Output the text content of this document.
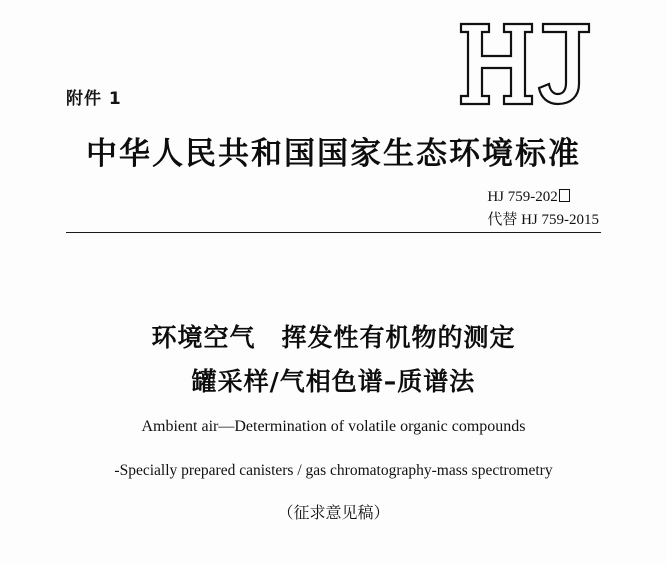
附件 1
中华人民共和国国家生态环境标准
HJ 759-202
代替 HJ 759-2015
环境空气　挥发性有机物的测定
罐采样/气相色谱–质谱法
Ambient air—Determination of volatile organic compounds
-Specially prepared canisters / gas chromatography-mass spectrometry
（征求意见稿）
